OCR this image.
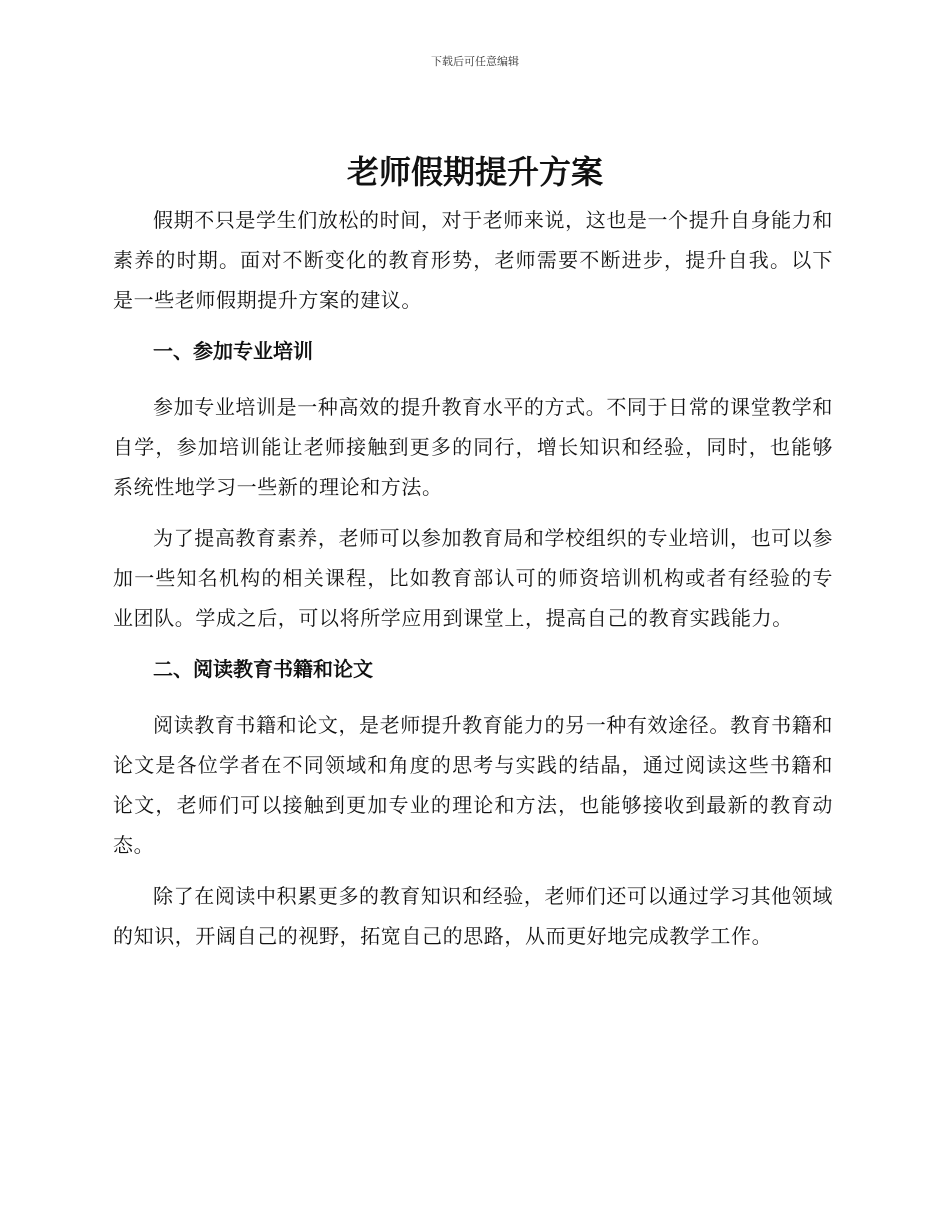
下载后可任意编辑
老师假期提升方案

假期不只是学生们放松的时间，对于老师来说，这也是一个提升自身能力和素养的时期。面对不断变化的教育形势，老师需要不断进步，提升自我。以下是一些老师假期提升方案的建议。

一、参加专业培训

参加专业培训是一种高效的提升教育水平的方式。不同于日常的课堂教学和自学，参加培训能让老师接触到更多的同行，增长知识和经验，同时，也能够系统性地学习一些新的理论和方法。

为了提高教育素养，老师可以参加教育局和学校组织的专业培训，也可以参加一些知名机构的相关课程，比如教育部认可的师资培训机构或者有经验的专业团队。学成之后，可以将所学应用到课堂上，提高自己的教育实践能力。

二、阅读教育书籍和论文

阅读教育书籍和论文，是老师提升教育能力的另一种有效途径。教育书籍和论文是各位学者在不同领域和角度的思考与实践的结晶，通过阅读这些书籍和论文，老师们可以接触到更加专业的理论和方法，也能够接收到最新的教育动态。

除了在阅读中积累更多的教育知识和经验，老师们还可以通过学习其他领域的知识，开阔自己的视野，拓宽自己的思路，从而更好地完成教学工作。
